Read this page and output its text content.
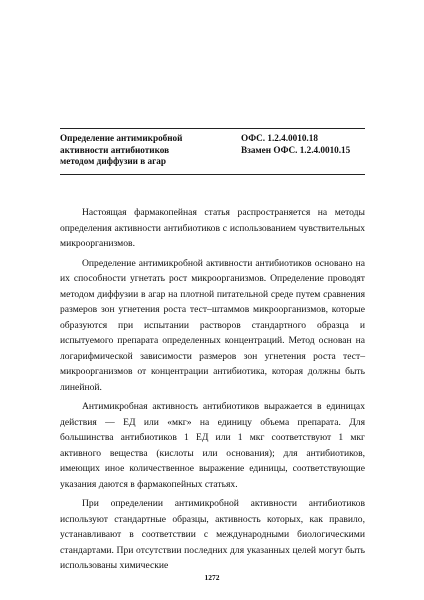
Определение антимикробной
активности антибиотиков
методом диффузии в агар
ОФС. 1.2.4.0010.18
Взамен ОФС. 1.2.4.0010.15

Настоящая фармакопейная статья распространяется на методы определения активности антибиотиков с использованием чувствительных микроорганизмов.

Определение антимикробной активности антибиотиков основано на их способности угнетать рост микроорганизмов. Определение проводят методом диффузии в агар на плотной питательной среде путем сравнения размеров зон угнетения роста тест–штаммов микроорганизмов, которые образуются при испытании растворов стандартного образца и испытуемого препарата определенных концентраций. Метод основан на логарифмической зависимости размеров зон угнетения роста тест–микроорганизмов от концентрации антибиотика, которая должны быть линейной.

Антимикробная активность антибиотиков выражается в единицах действия — ЕД или «мкг» на единицу объема препарата. Для большинства антибиотиков 1 ЕД или 1 мкг соответствуют 1 мкг активного вещества (кислоты или основания); для антибиотиков, имеющих иное количественное выражение единицы, соответствующие указания даются в фармакопейных статьях.

При определении антимикробной активности антибиотиков используют стандартные образцы, активность которых, как правило, устанавливают в соответствии с международными биологическими стандартами. При отсутствии последних для указанных целей могут быть использованы химические

1272
